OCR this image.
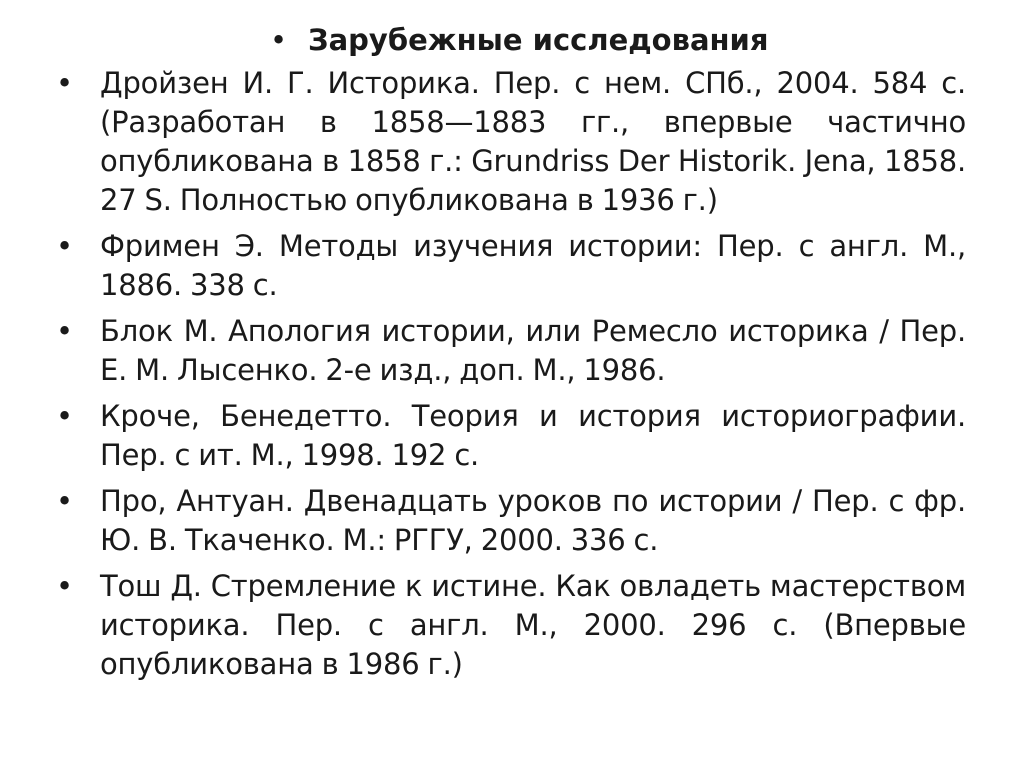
• Зарубежные исследования
• Дройзен И. Г. Историка. Пер. с нем. СПб., 2004. 584 с. (Разработан в 1858—1883 гг., впервые частично опубликована в 1858 г.: Grundriss Der Historik. Jena, 1858. 27 S. Полностью опубликована в 1936 г.)
• Фримен Э. Методы изучения истории: Пер. с англ. М., 1886. 338 с.
• Блок М. Апология истории, или Ремесло историка / Пер. Е. М. Лысенко. 2-е изд., доп. М., 1986.
• Кроче, Бенедетто. Теория и история историографии. Пер. с ит. М., 1998. 192 с.
• Про, Антуан. Двенадцать уроков по истории / Пер. с фр. Ю. В. Ткаченко. М.: РГГУ, 2000. 336 с.
• Тош Д. Стремление к истине. Как овладеть мастерством историка. Пер. с англ. М., 2000. 296 с. (Впервые опубликована в 1986 г.)
